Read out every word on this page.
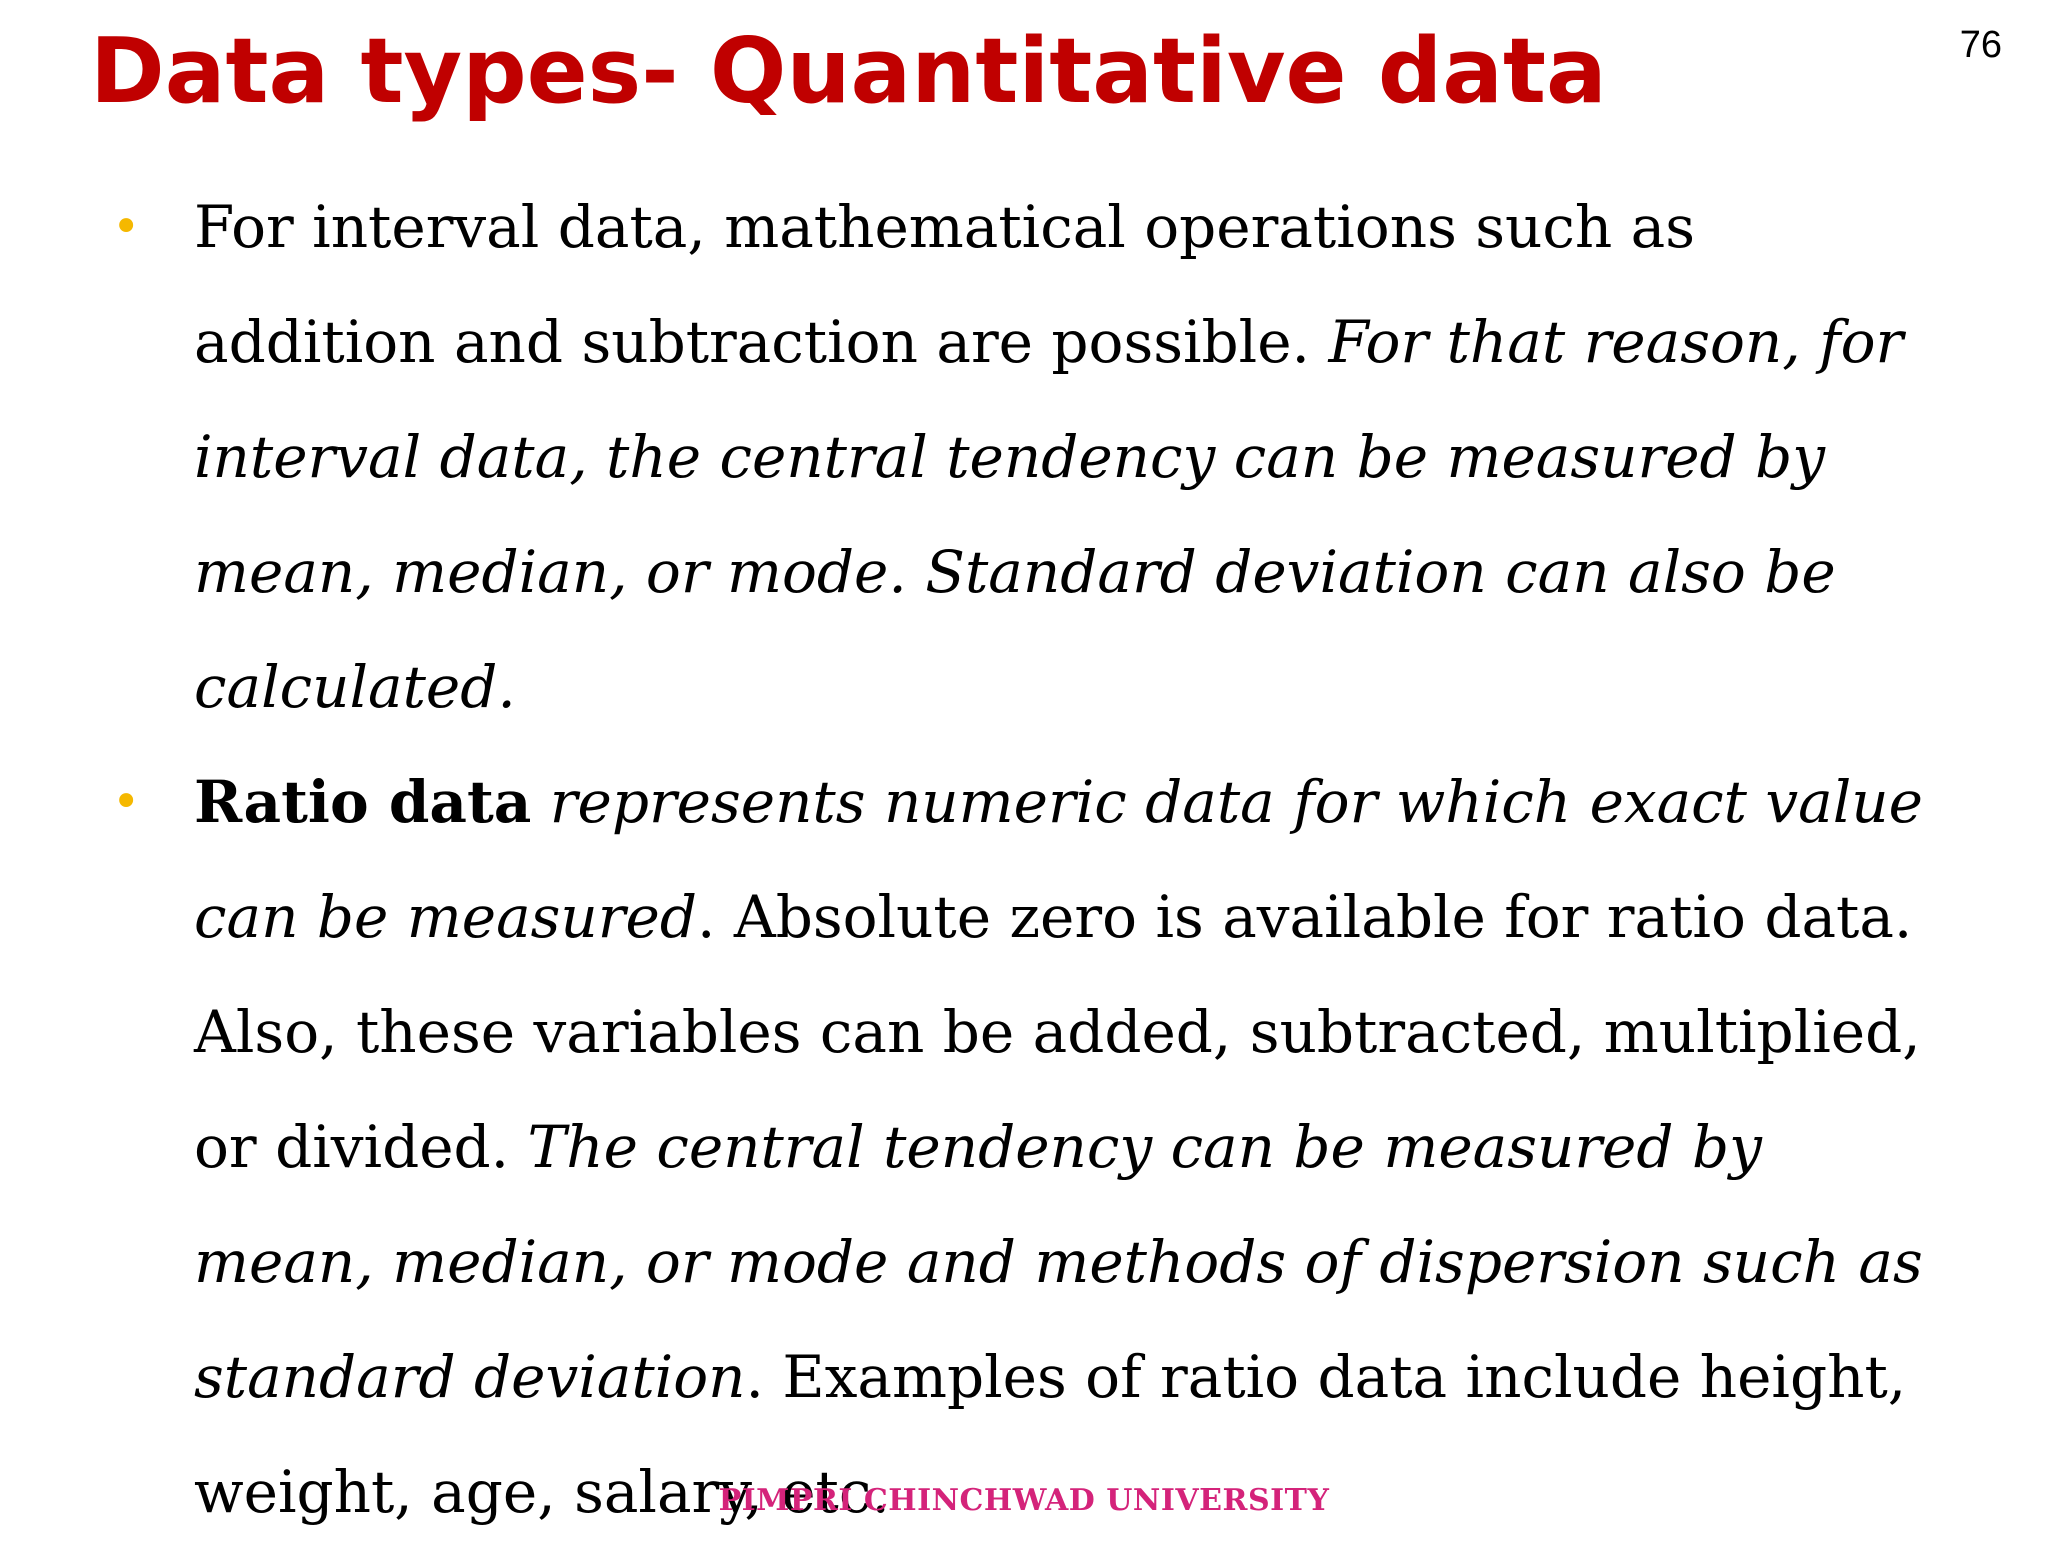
Data types- Quantitative data	76
• For interval data, mathematical operations such as addition and subtraction are possible. For that reason, for interval data, the central tendency can be measured by mean, median, or mode. Standard deviation can also be calculated.
• Ratio data represents numeric data for which exact value can be measured. Absolute zero is available for ratio data. Also, these variables can be added, subtracted, multiplied, or divided. The central tendency can be measured by mean, median, or mode and methods of dispersion such as standard deviation. Examples of ratio data include height, weight, age, salary, etc.
PIMPRI CHINCHWAD UNIVERSITY
